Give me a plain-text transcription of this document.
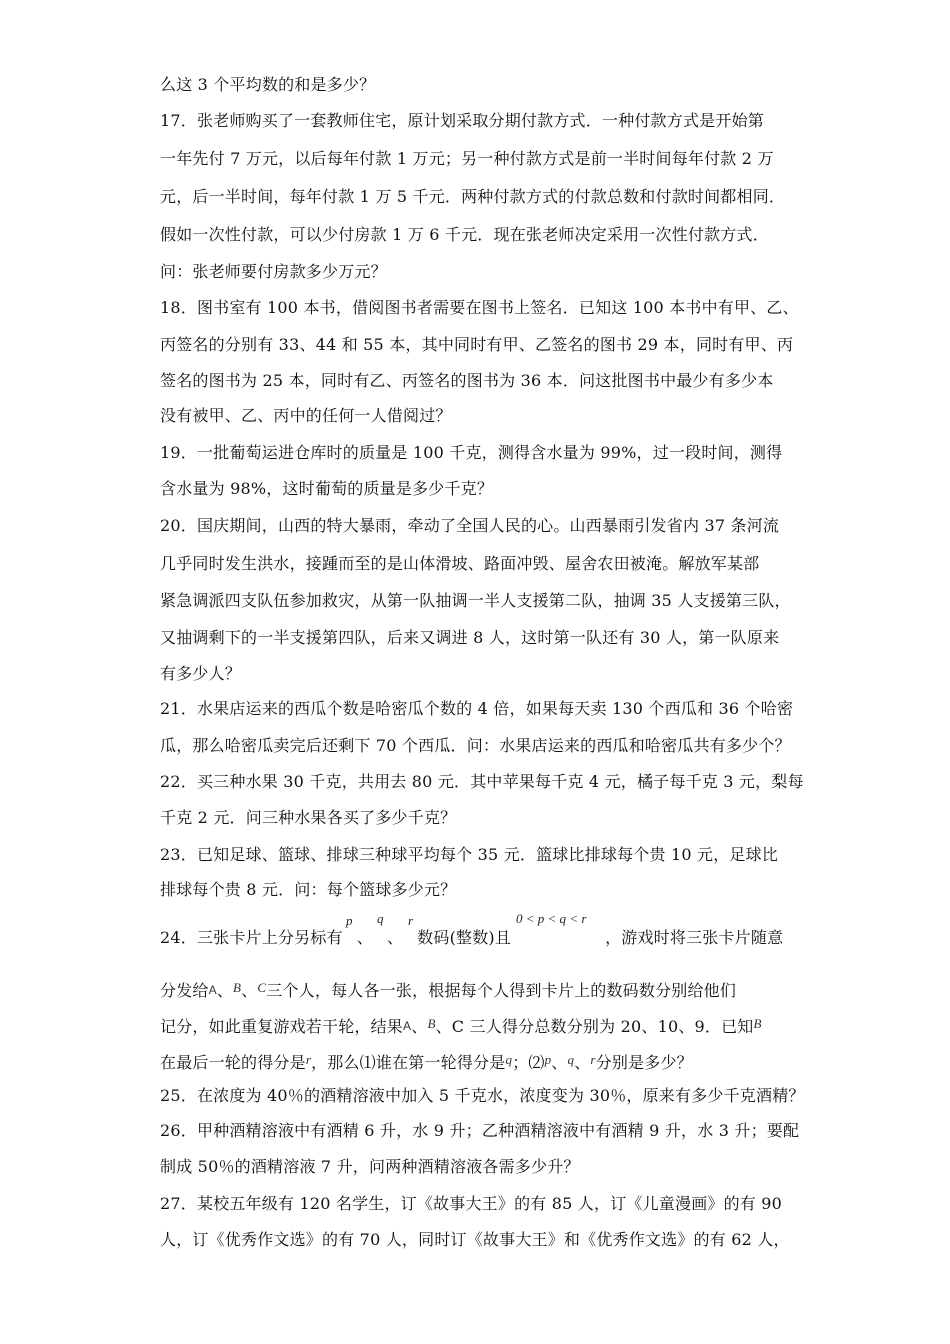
么这 3 个平均数的和是多少？
17．张老师购买了一套教师住宅，原计划采取分期付款方式．一种付款方式是开始第
一年先付 7 万元，以后每年付款 1 万元；另一种付款方式是前一半时间每年付款 2 万
元，后一半时间，每年付款 1 万 5 千元．两种付款方式的付款总数和付款时间都相同．
假如一次性付款，可以少付房款 1 万 6 千元．现在张老师决定采用一次性付款方式．
问：张老师要付房款多少万元？
18．图书室有 100 本书，借阅图书者需要在图书上签名．已知这 100 本书中有甲、乙、
丙签名的分别有 33、44 和 55 本，其中同时有甲、乙签名的图书 29 本，同时有甲、丙
签名的图书为 25 本，同时有乙、丙签名的图书为 36 本．问这批图书中最少有多少本
没有被甲、乙、丙中的任何一人借阅过？
19．一批葡萄运进仓库时的质量是 100 千克，测得含水量为 99%，过一段时间，测得
含水量为 98%，这时葡萄的质量是多少千克？
20．国庆期间，山西的特大暴雨，牵动了全国人民的心。山西暴雨引发省内 37 条河流
几乎同时发生洪水，接踵而至的是山体滑坡、路面冲毁、屋舍农田被淹。解放军某部
紧急调派四支队伍参加救灾，从第一队抽调一半人支援第二队，抽调 35 人支援第三队，
又抽调剩下的一半支援第四队，后来又调进 8 人，这时第一队还有 30 人，第一队原来
有多少人？
21．水果店运来的西瓜个数是哈密瓜个数的 4 倍，如果每天卖 130 个西瓜和 36 个哈密
瓜，那么哈密瓜卖完后还剩下 70 个西瓜．问：水果店运来的西瓜和哈密瓜共有多少个？
22．买三种水果 30 千克，共用去 80 元．其中苹果每千克 4 元，橘子每千克 3 元，梨每
千克 2 元．问三种水果各买了多少千克？
23．已知足球、篮球、排球三种球平均每个 35 元．篮球比排球每个贵 10 元，足球比
排球每个贵 8 元．问：每个篮球多少元？
p q r	0 < p < q < r
24．三张卡片上分另标有 、 、 数码(整数)且	，游戏时将三张卡片随意
分发给A、$^B$、$^C$三个人，每人各一张，根据每个人得到卡片上的数码数分别给他们
记分，如此重复游戏若干轮，结果A、$^B$、C 三人得分总数分别为 20、10、9．已知$^B$
在最后一轮的得分是$^r$，那么⑴谁在第一轮得分是$^q$；⑵$^p$、$^q$、$^r$分别是多少？
25．在浓度为 40％的酒精溶液中加入 5 千克水，浓度变为 30％，原来有多少千克酒精？
26．甲种酒精溶液中有酒精 6 升，水 9 升；乙种酒精溶液中有酒精 9 升，水 3 升；要配
制成 50％的酒精溶液 7 升，问两种酒精溶液各需多少升？
27．某校五年级有 120 名学生，订《故事大王》的有 85 人，订《儿童漫画》的有 90
人，订《优秀作文选》的有 70 人，同时订《故事大王》和《优秀作文选》的有 62 人，
